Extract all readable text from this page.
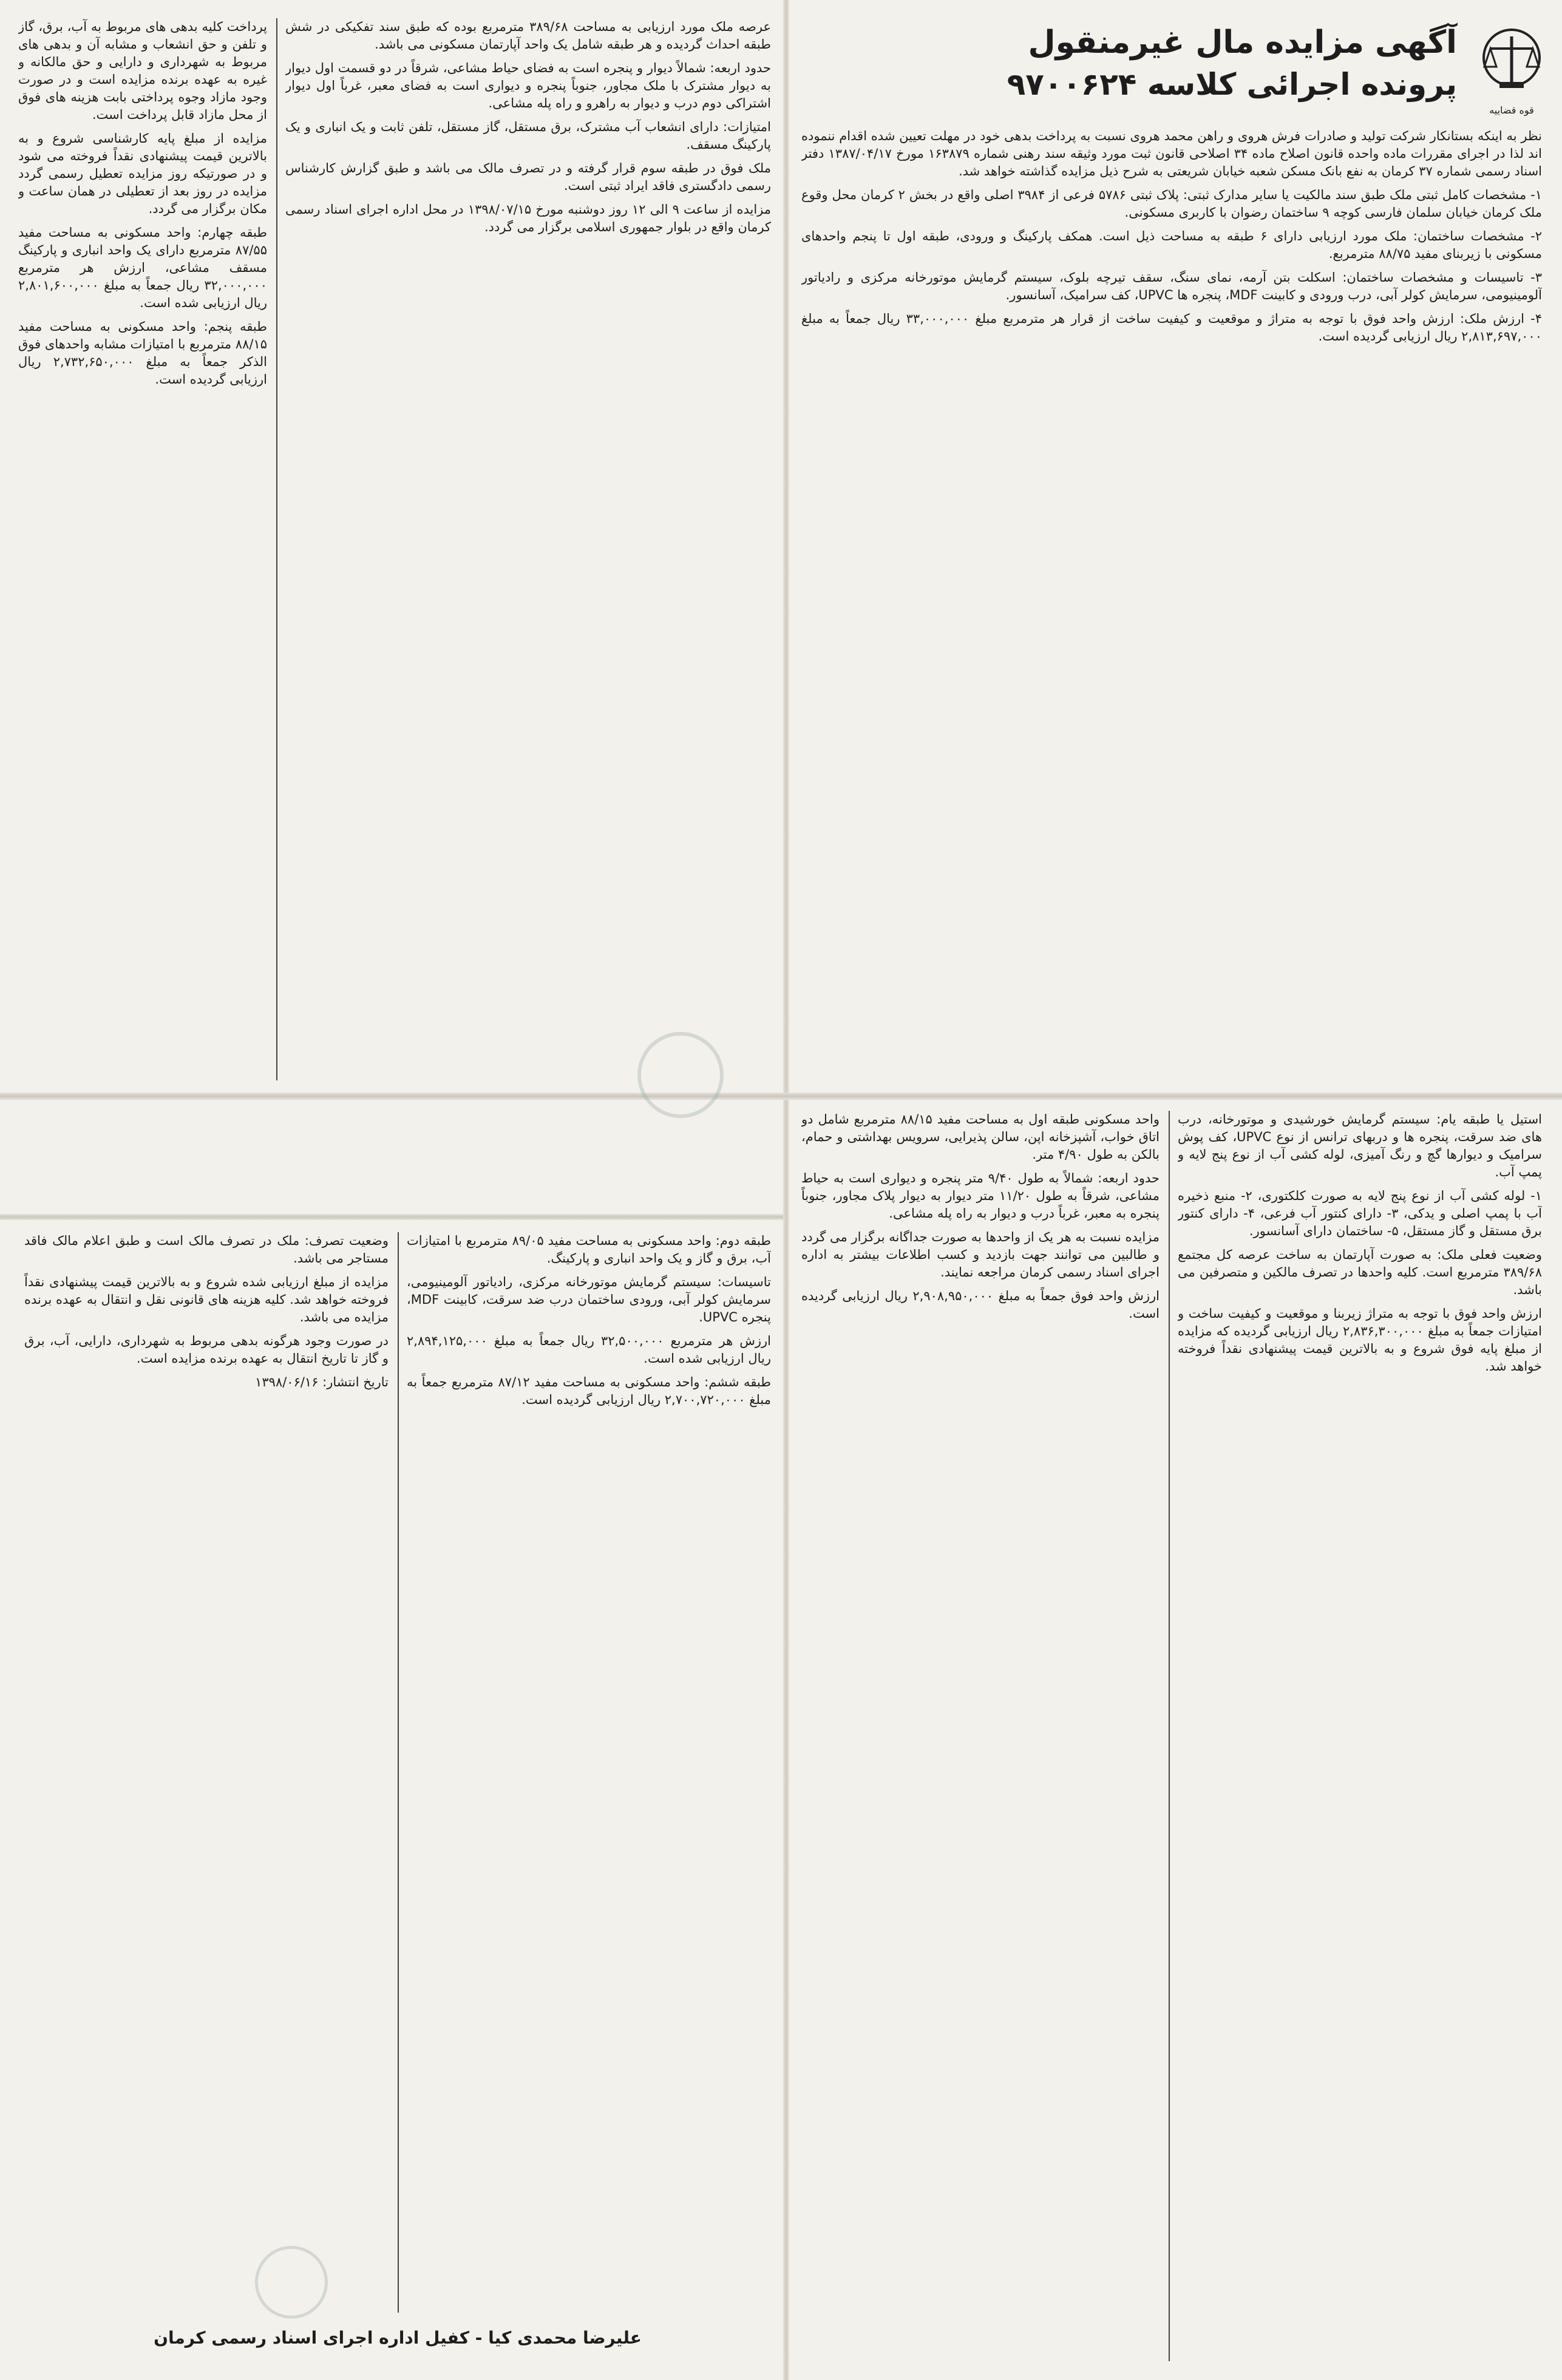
قوه قضاییه
آگهی مزایده مال غیرمنقول
پرونده اجرائی کلاسه ۹۷۰۰۶۲۴

نظر به اینکه بستانکار شرکت تولید و صادرات فرش هروی و راهن محمد هروی نسبت به پرداخت بدهی خود در مهلت تعیین شده اقدام ننموده اند لذا در اجرای مقررات ماده واحده قانون اصلاح ماده ۳۴ اصلاحی قانون ثبت مورد وثیقه سند رهنی شماره ۱۶۳۸۷۹ مورخ ۱۳۸۷/۰۴/۱۷ دفتر اسناد رسمی شماره ۳۷ کرمان به نفع بانک مسکن شعبه خیابان شریعتی به شرح ذیل مزایده گذاشته خواهد شد.

۱- مشخصات کامل ثبتی ملک طبق سند مالکیت یا سایر مدارک ثبتی: پلاک ثبتی ۵۷۸۶ فرعی از ۳۹۸۴ اصلی واقع در بخش ۲ کرمان محل وقوع ملک کرمان خیابان سلمان فارسی کوچه ۹ ساختمان رضوان با کاربری مسکونی.

۲- مشخصات ساختمان: ملک مورد ارزیابی دارای ۶ طبقه به مساحت ذیل است. همکف پارکینگ و ورودی، طبقه اول تا پنجم واحدهای مسکونی با زیربنای مفید ۸۸/۷۵ مترمربع.

۳- تاسیسات و مشخصات ساختمان: اسکلت بتن آرمه، نمای سنگ، سقف تیرچه بلوک، سیستم گرمایش موتورخانه مرکزی و رادیاتور آلومینیومی، سرمایش کولر آبی، درب ورودی و کابینت MDF، پنجره ها UPVC، کف سرامیک، آسانسور.

۴- ارزش ملک: ارزش واحد فوق با توجه به متراژ و موقعیت و کیفیت ساخت از قرار هر مترمربع مبلغ ۳۳,۰۰۰,۰۰۰ ریال جمعاً به مبلغ ۲,۸۱۳,۶۹۷,۰۰۰ ریال ارزیابی گردیده است.

عرصه ملک مورد ارزیابی به مساحت ۳۸۹/۶۸ مترمربع بوده که طبق سند تفکیکی در شش طبقه احداث گردیده و هر طبقه شامل یک واحد آپارتمان مسکونی می باشد.

حدود اربعه: شمالاً دیوار و پنجره است به فضای حیاط مشاعی، شرقاً در دو قسمت اول دیوار به دیوار مشترک با ملک مجاور، جنوباً پنجره و دیواری است به فضای معبر، غرباً اول دیوار اشتراکی دوم درب و دیوار به راهرو و راه پله مشاعی.

امتیازات: دارای انشعاب آب مشترک، برق مستقل، گاز مستقل، تلفن ثابت و یک انباری و یک پارکینگ مسقف.

ملک فوق در طبقه سوم قرار گرفته و در تصرف مالک می باشد و طبق گزارش کارشناس رسمی دادگستری فاقد ایراد ثبتی است.

مزایده از ساعت ۹ الی ۱۲ روز دوشنبه مورخ ۱۳۹۸/۰۷/۱۵ در محل اداره اجرای اسناد رسمی کرمان واقع در بلوار جمهوری اسلامی برگزار می گردد.

پرداخت کلیه بدهی های مربوط به آب، برق، گاز و تلفن و حق انشعاب و مشابه آن و بدهی های مربوط به شهرداری و دارایی و حق مالکانه و غیره به عهده برنده مزایده است و در صورت وجود مازاد وجوه پرداختی بابت هزینه های فوق از محل مازاد قابل پرداخت است.

مزایده از مبلغ پایه کارشناسی شروع و به بالاترین قیمت پیشنهادی نقداً فروخته می شود و در صورتیکه روز مزایده تعطیل رسمی گردد مزایده در روز بعد از تعطیلی در همان ساعت و مکان برگزار می گردد.

طبقه چهارم: واحد مسکونی به مساحت مفید ۸۷/۵۵ مترمربع دارای یک واحد انباری و پارکینگ مسقف مشاعی، ارزش هر مترمربع ۳۲,۰۰۰,۰۰۰ ریال جمعاً به مبلغ ۲,۸۰۱,۶۰۰,۰۰۰ ریال ارزیابی شده است.

طبقه پنجم: واحد مسکونی به مساحت مفید ۸۸/۱۵ مترمربع با امتیازات مشابه واحدهای فوق الذکر جمعاً به مبلغ ۲,۷۳۲,۶۵۰,۰۰۰ ریال ارزیابی گردیده است.

استیل یا طبقه یام: سیستم گرمایش خورشیدی و موتورخانه، درب های ضد سرقت، پنجره ها و دربهای ترانس از نوع UPVC، کف پوش سرامیک و دیوارها گچ و رنگ آمیزی، لوله کشی آب از نوع پنج لایه و پمپ آب.

۱- لوله کشی آب از نوع پنج لایه به صورت کلکتوری، ۲- منبع ذخیره آب با پمپ اصلی و یدکی، ۳- دارای کنتور آب فرعی، ۴- دارای کنتور برق مستقل و گاز مستقل، ۵- ساختمان دارای آسانسور.

وضعیت فعلی ملک: به صورت آپارتمان به ساخت عرصه کل مجتمع ۳۸۹/۶۸ مترمربع است. کلیه واحدها در تصرف مالکین و متصرفین می باشد.

ارزش واحد فوق با توجه به متراژ زیربنا و موقعیت و کیفیت ساخت و امتیازات جمعاً به مبلغ ۲,۸۳۶,۳۰۰,۰۰۰ ریال ارزیابی گردیده که مزایده از مبلغ پایه فوق شروع و به بالاترین قیمت پیشنهادی نقداً فروخته خواهد شد.

واحد مسکونی طبقه اول به مساحت مفید ۸۸/۱۵ مترمربع شامل دو اتاق خواب، آشپزخانه اپن، سالن پذیرایی، سرویس بهداشتی و حمام، بالکن به طول ۴/۹۰ متر.

حدود اربعه: شمالاً به طول ۹/۴۰ متر پنجره و دیواری است به حیاط مشاعی، شرقاً به طول ۱۱/۲۰ متر دیوار به دیوار پلاک مجاور، جنوباً پنجره به معبر، غرباً درب و دیوار به راه پله مشاعی.

مزایده نسبت به هر یک از واحدها به صورت جداگانه برگزار می گردد و طالبین می توانند جهت بازدید و کسب اطلاعات بیشتر به اداره اجرای اسناد رسمی کرمان مراجعه نمایند.

ارزش واحد فوق جمعاً به مبلغ ۲,۹۰۸,۹۵۰,۰۰۰ ریال ارزیابی گردیده است.

طبقه دوم: واحد مسکونی به مساحت مفید ۸۹/۰۵ مترمربع با امتیازات آب، برق و گاز و یک واحد انباری و پارکینگ.

تاسیسات: سیستم گرمایش موتورخانه مرکزی، رادیاتور آلومینیومی، سرمایش کولر آبی، ورودی ساختمان درب ضد سرقت، کابینت MDF، پنجره UPVC.

ارزش هر مترمربع ۳۲,۵۰۰,۰۰۰ ریال جمعاً به مبلغ ۲,۸۹۴,۱۲۵,۰۰۰ ریال ارزیابی شده است.

طبقه ششم: واحد مسکونی به مساحت مفید ۸۷/۱۲ مترمربع جمعاً به مبلغ ۲,۷۰۰,۷۲۰,۰۰۰ ریال ارزیابی گردیده است.

وضعیت تصرف: ملک در تصرف مالک است و طبق اعلام مالک فاقد مستاجر می باشد.

مزایده از مبلغ ارزیابی شده شروع و به بالاترین قیمت پیشنهادی نقداً فروخته خواهد شد. کلیه هزینه های قانونی نقل و انتقال به عهده برنده مزایده می باشد.

در صورت وجود هرگونه بدهی مربوط به شهرداری، دارایی، آب، برق و گاز تا تاریخ انتقال به عهده برنده مزایده است.

تاریخ انتشار: ۱۳۹۸/۰۶/۱۶

علیرضا محمدی کیا - کفیل اداره اجرای اسناد رسمی کرمان
